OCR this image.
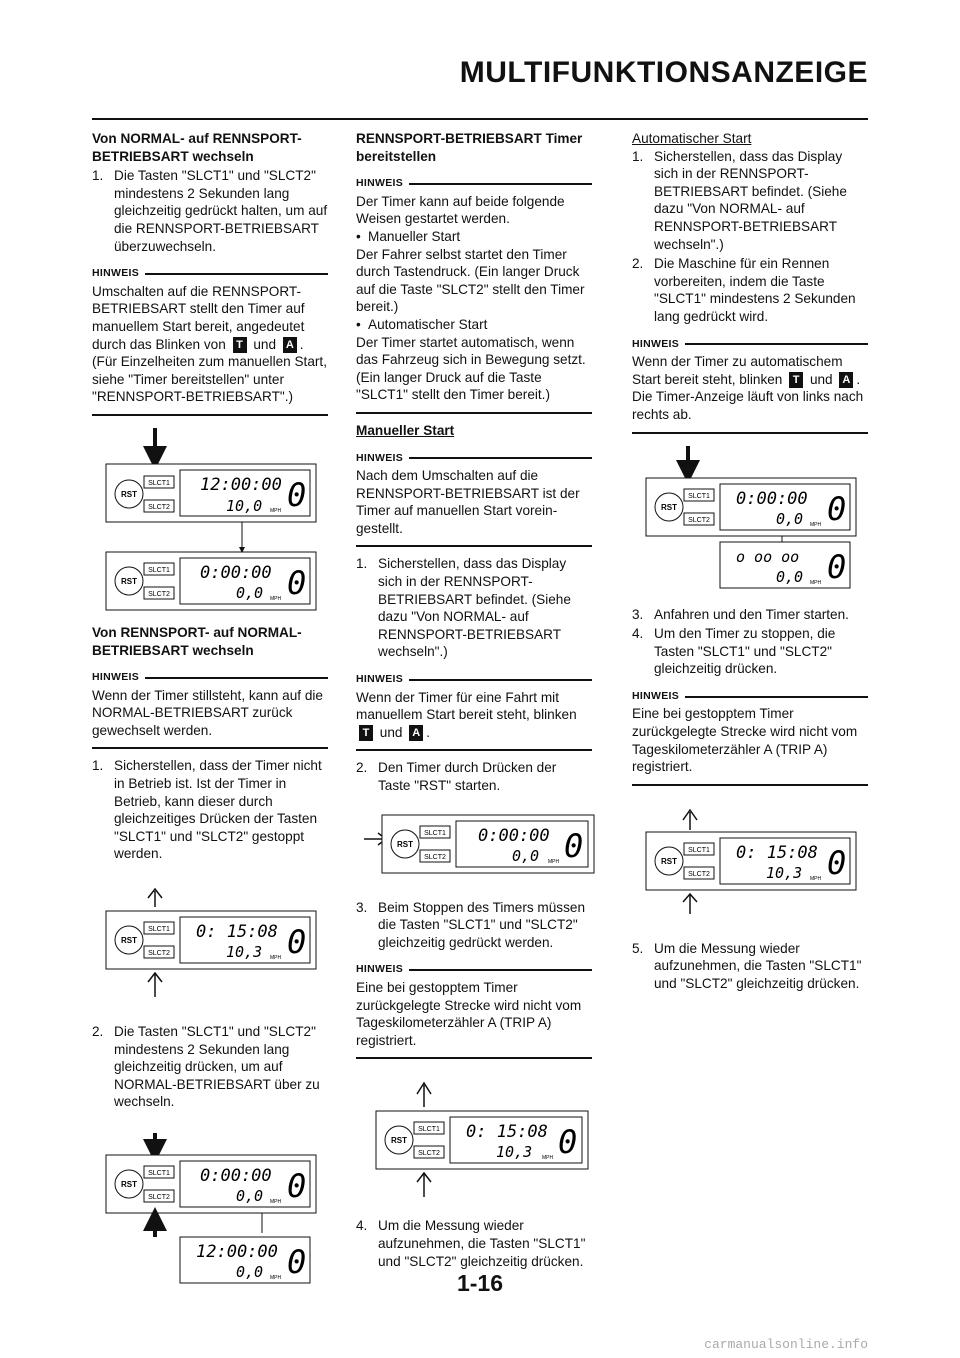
MULTIFUNKTIONSANZEIGE
Von NORMAL- auf RENNSPORT-BETRIEBSART wechseln
1. Die Tasten "SLCT1" und "SLCT2" mindestens 2 Sekunden lang gleichzeitig gedrückt halten, um auf die RENNSPORT-BETRIEBSART überzuwechseln.
HINWEIS

Umschalten auf die RENNSPORT-BETRIEBSART stellt den Timer auf manuellem Start bereit, angedeutet durch das Blinken von T und A . (Für Einzelheiten zum manuellen Start, siehe "Timer bereitstellen" unter "RENNSPORT-BETRIEBSART".)

RST
SLCT1
SLCT2
12:00:00
10,0 0
MPH
RST
SLCT1
SLCT2
0:00:00
0,0 0
MPH
Von RENNSPORT- auf NORMAL-BETRIEBSART wechseln
HINWEIS

Wenn der Timer stillsteht, kann auf die NORMAL-BETRIEBSART zurück gewechselt werden.

1. Sicherstellen, dass der Timer nicht in Betrieb ist. Ist der Timer in Betrieb, kann dieser durch gleichzeitiges Drücken der Tasten "SLCT1" und "SLCT2" gestoppt werden.
RST
SLCT1
SLCT2
0: 15:08
10,3 0
MPH
2. Die Tasten "SLCT1" und "SLCT2" mindestens 2 Sekunden lang gleichzeitig drücken, um auf NORMAL-BETRIEBSART über zu wechseln.
RST
SLCT1
SLCT2
0:00:00
0,0 0
MPH
12:00:00
0,0 0
MPH
RENNSPORT-BETRIEBSART Timer bereitstellen
HINWEIS

Der Timer kann auf beide folgende Weisen gestartet werden.

• Manueller Start

Der Fahrer selbst startet den Timer durch Tastendruck. (Ein langer Druck auf die Taste "SLCT2" stellt den Timer bereit.)

• Automatischer Start

Der Timer startet automatisch, wenn das Fahrzeug sich in Bewegung setzt. (Ein langer Druck auf die Taste "SLCT1" stellt den Timer bereit.)

Manueller Start
HINWEIS

Nach dem Umschalten auf die RENNSPORT-BETRIEBSART ist der Timer auf manuellen Start vorein-gestellt.

1. Sicherstellen, dass das Display sich in der RENNSPORT-BETRIEBSART befindet. (Siehe dazu "Von NORMAL- auf RENNSPORT-BETRIEBSART wechseln".)
HINWEIS

Wenn der Timer für eine Fahrt mit manuellem Start bereit steht, blinken T und A .

2. Den Timer durch Drücken der Taste "RST" starten.
RST
SLCT1
SLCT2
0:00:00
0,0 0
MPH
3. Beim Stoppen des Timers müssen die Tasten "SLCT1" und "SLCT2" gleichzeitig gedrückt werden.
HINWEIS

Eine bei gestopptem Timer zurückgelegte Strecke wird nicht vom Tageskilometerzähler A (TRIP A) registriert.

RST
SLCT1
SLCT2
0: 15:08
10,3 0
MPH
4. Um die Messung wieder aufzunehmen, die Tasten "SLCT1" und "SLCT2" gleichzeitig drücken.
Automatischer Start
1. Sicherstellen, dass das Display sich in der RENNSPORT-BETRIEBSART befindet. (Siehe dazu "Von NORMAL- auf RENNSPORT-BETRIEBSART wechseln".)
2. Die Maschine für ein Rennen vorbereiten, indem die Taste "SLCT1" mindestens 2 Sekunden lang gedrückt wird.
HINWEIS

Wenn der Timer zu automatischem Start bereit steht, blinken T und A . Die Timer-Anzeige läuft von links nach rechts ab.

RST
SLCT1
SLCT2
0:00:00
0,0 0
MPH
o oo oo
0,0 0
MPH
3. Anfahren und den Timer starten.
4. Um den Timer zu stoppen, die Tasten "SLCT1" und "SLCT2" gleichzeitig drücken.
HINWEIS

Eine bei gestopptem Timer zurückgelegte Strecke wird nicht vom Tageskilometerzähler A (TRIP A) registriert.

RST
SLCT1
SLCT2
0: 15:08
10,3 0
MPH
5. Um die Messung wieder aufzunehmen, die Tasten "SLCT1" und "SLCT2" gleichzeitig drücken.
1-16
carmanualsonline.info
